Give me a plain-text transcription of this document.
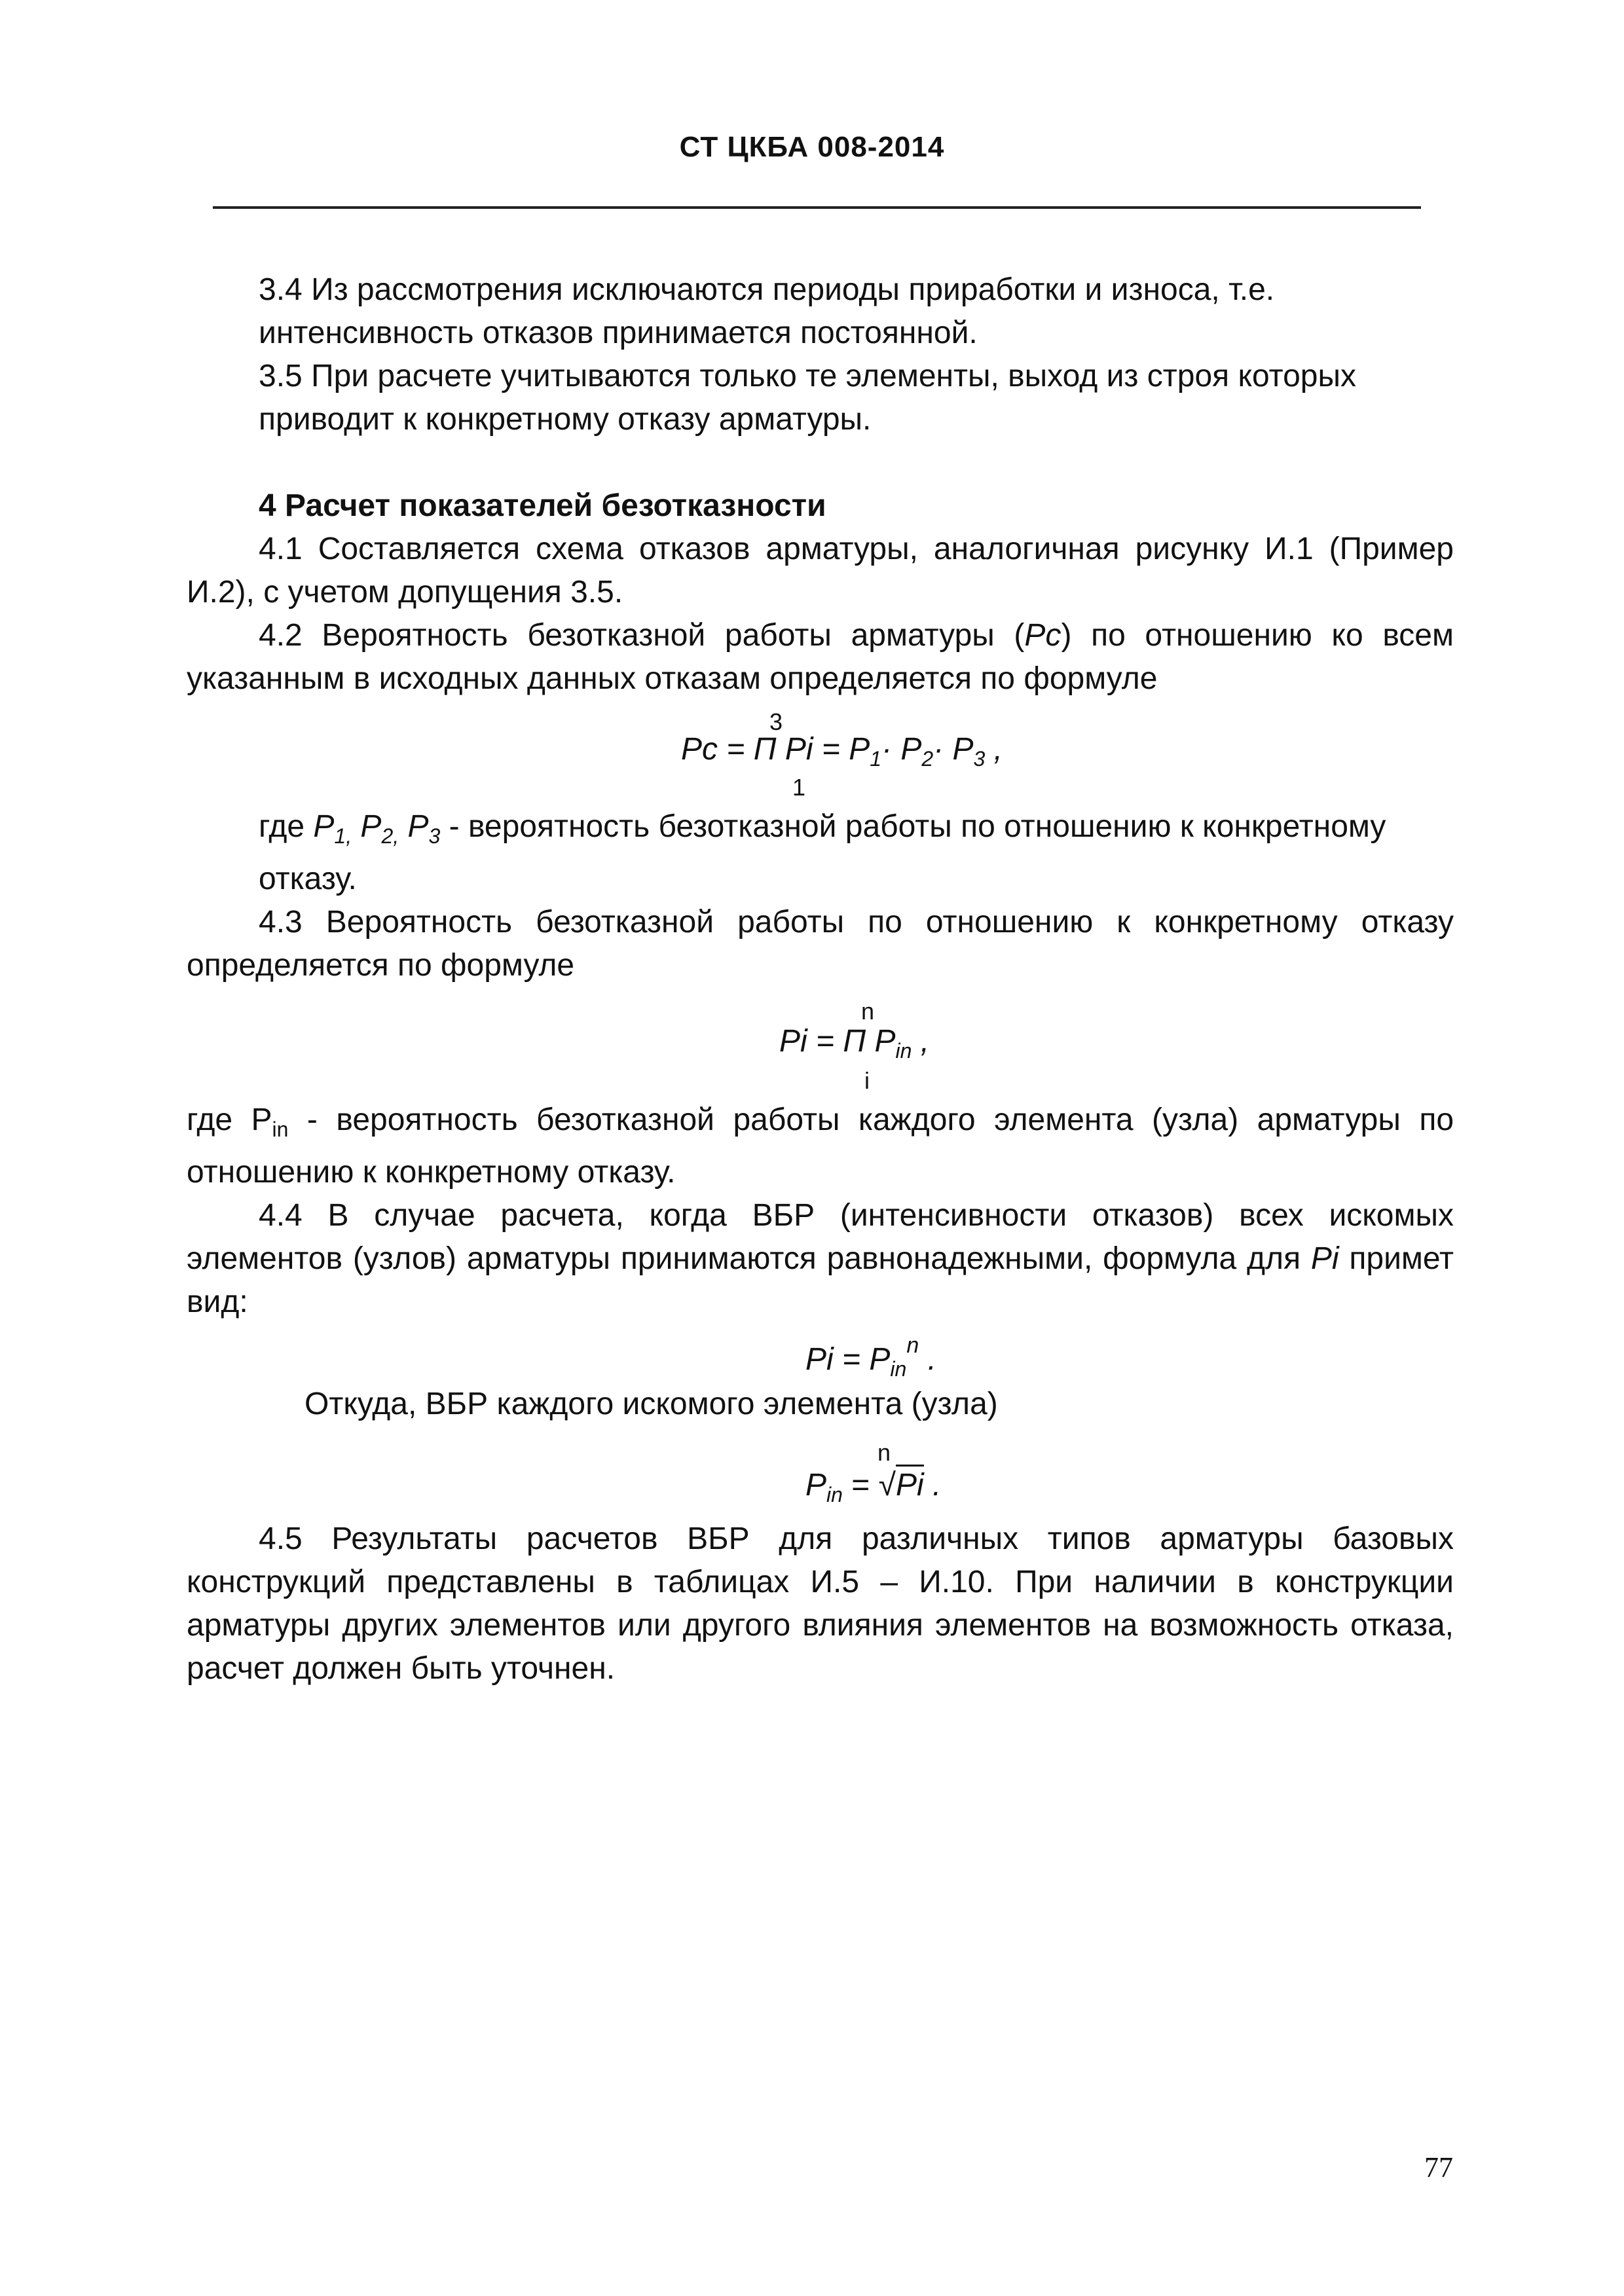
СТ ЦКБА 008-2014

3.4 Из рассмотрения исключаются периоды приработки и износа, т.е. интенсивность отказов принимается постоянной.

3.5 При расчете учитываются только те элементы, выход из строя которых приводит к конкретному отказу арматуры.

4 Расчет показателей безотказности

4.1 Составляется схема отказов арматуры, аналогичная рисунку И.1 (Пример И.2), с учетом допущения 3.5.

4.2 Вероятность безотказной работы арматуры (Рс) по отношению ко всем указанным в исходных данных отказам определяется по формуле

3
Pc = П $Pi = P_1\cdot P_2\cdot P_3$ ,
1

где $P_{1,}$ $P_{2,}$ $P_3$ - вероятность безотказной работы по отношению к конкретному отказу.

4.3 Вероятность безотказной работы по отношению к конкретному отказу определяется по формуле

n
Pi = П $P_{in}$ ,
i

где $P_{in}$ - вероятность безотказной работы каждого элемента (узла) арматуры по отношению к конкретному отказу.

4.4 В случае расчета, когда ВБР (интенсивности отказов) всех искомых элементов (узлов) арматуры принимаются равнонадежными, формула для Pi примет вид:

$Pi = P_{in}^n$ .

Откуда, ВБР каждого искомого элемента (узла)

n
$P_{in} = √Pi$ .

4.5 Результаты расчетов ВБР для различных типов арматуры базовых конструкций представлены в таблицах И.5 – И.10. При наличии в конструкции арматуры других элементов или другого влияния элементов на возможность отказа, расчет должен быть уточнен.

77
